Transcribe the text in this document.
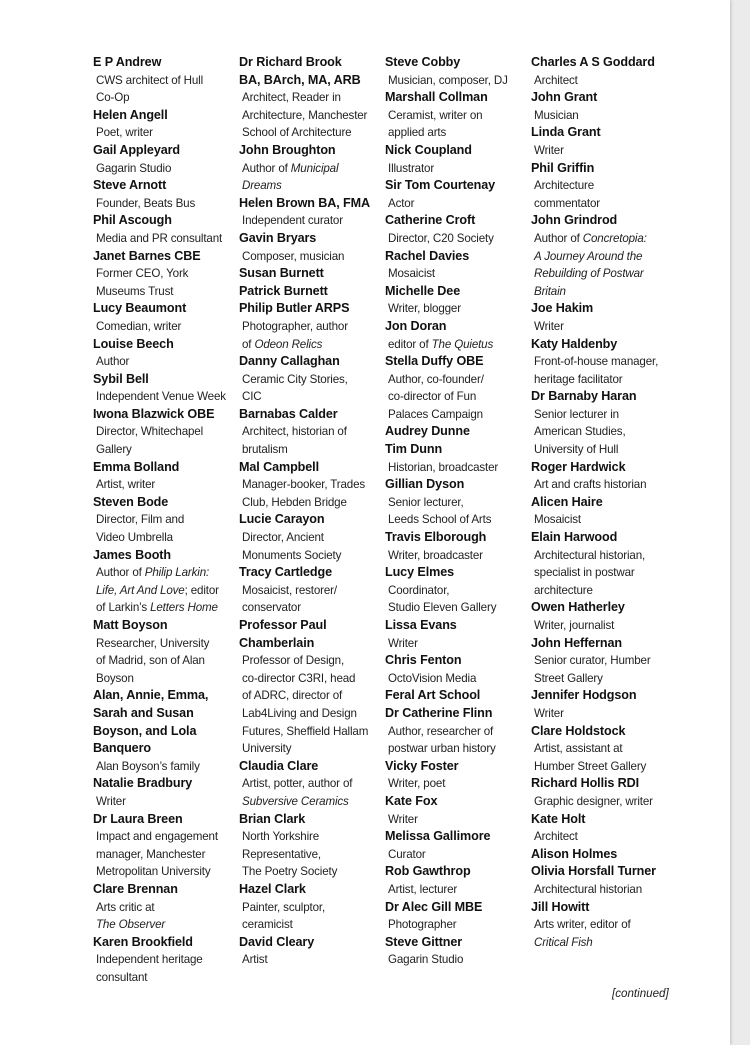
E P Andrew
CWS architect of Hull
Co-Op
Helen Angell
Poet, writer
Gail Appleyard
Gagarin Studio
Steve Arnott
Founder, Beats Bus
Phil Ascough
Media and PR consultant
Janet Barnes CBE
Former CEO, York
Museums Trust
Lucy Beaumont
Comedian, writer
Louise Beech
Author
Sybil Bell
Independent Venue Week
Iwona Blazwick OBE
Director, Whitechapel
Gallery
Emma Bolland
Artist, writer
Steven Bode
Director, Film and
Video Umbrella
James Booth
Author of Philip Larkin:
Life, Art And Love; editor
of Larkin’s Letters Home
Matt Boyson
Researcher, University
of Madrid, son of Alan
Boyson
Alan, Annie, Emma,
Sarah and Susan
Boyson, and Lola
Banquero
Alan Boyson’s family
Natalie Bradbury
Writer
Dr Laura Breen
Impact and engagement
manager, Manchester
Metropolitan University
Clare Brennan
Arts critic at
The Observer
Karen Brookfield
Independent heritage
consultant
Dr Richard Brook
BA, BArch, MA, ARB
Architect, Reader in
Architecture, Manchester
School of Architecture
John Broughton
Author of Municipal
Dreams
Helen Brown BA, FMA
Independent curator
Gavin Bryars
Composer, musician
Susan Burnett
Patrick Burnett
Philip Butler ARPS
Photographer, author
of Odeon Relics
Danny Callaghan
Ceramic City Stories,
CIC
Barnabas Calder
Architect, historian of
brutalism
Mal Campbell
Manager-booker, Trades
Club, Hebden Bridge
Lucie Carayon
Director, Ancient
Monuments Society
Tracy Cartledge
Mosaicist, restorer/
conservator
Professor Paul
Chamberlain
Professor of Design,
co-director C3RI, head
of ADRC, director of
Lab4Living and Design
Futures, Sheffield Hallam
University
Claudia Clare
Artist, potter, author of
Subversive Ceramics
Brian Clark
North Yorkshire
Representative,
The Poetry Society
Hazel Clark
Painter, sculptor,
ceramicist
David Cleary
Artist
Steve Cobby
Musician, composer, DJ
Marshall Collman
Ceramist, writer on
applied arts
Nick Coupland
Illustrator
Sir Tom Courtenay
Actor
Catherine Croft
Director, C20 Society
Rachel Davies
Mosaicist
Michelle Dee
Writer, blogger
Jon Doran
editor of The Quietus
Stella Duffy OBE
Author, co-founder/
co-director of Fun
Palaces Campaign
Audrey Dunne
Tim Dunn
Historian, broadcaster
Gillian Dyson
Senior lecturer,
Leeds School of Arts
Travis Elborough
Writer, broadcaster
Lucy Elmes
Coordinator,
Studio Eleven Gallery
Lissa Evans
Writer
Chris Fenton
OctoVision Media
Feral Art School
Dr Catherine Flinn
Author, researcher of
postwar urban history
Vicky Foster
Writer, poet
Kate Fox
Writer
Melissa Gallimore
Curator
Rob Gawthrop
Artist, lecturer
Dr Alec Gill MBE
Photographer
Steve Gittner
Gagarin Studio
Charles A S Goddard
Architect
John Grant
Musician
Linda Grant
Writer
Phil Griffin
Architecture
commentator
John Grindrod
Author of Concretopia:
A Journey Around the
Rebuilding of Postwar
Britain
Joe Hakim
Writer
Katy Haldenby
Front-of-house manager,
heritage facilitator
Dr Barnaby Haran
Senior lecturer in
American Studies,
University of Hull
Roger Hardwick
Art and crafts historian
Alicen Haire
Mosaicist
Elain Harwood
Architectural historian,
specialist in postwar
architecture
Owen Hatherley
Writer, journalist
John Heffernan
Senior curator, Humber
Street Gallery
Jennifer Hodgson
Writer
Clare Holdstock
Artist, assistant at
Humber Street Gallery
Richard Hollis RDI
Graphic designer, writer
Kate Holt
Architect
Alison Holmes
Olivia Horsfall Turner
Architectural historian
Jill Howitt
Arts writer, editor of
Critical Fish
[continued]
